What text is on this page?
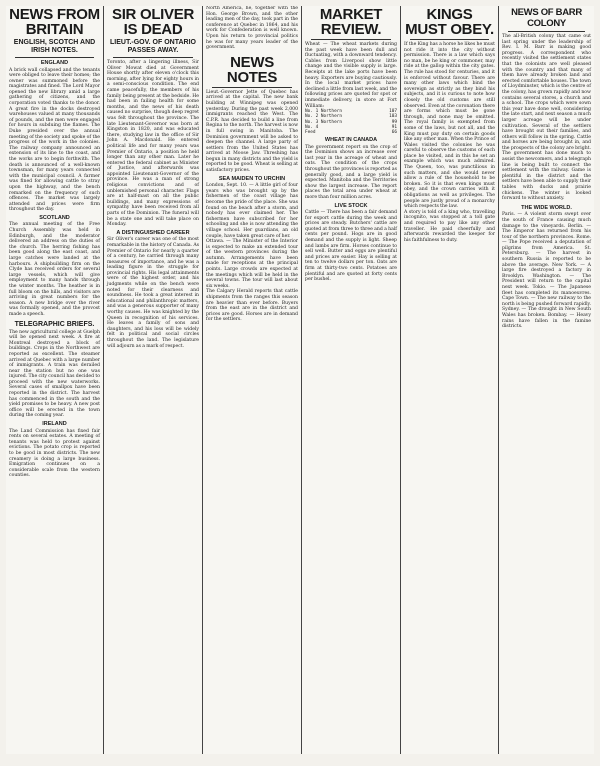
NEWS FROM BRITAIN
ENGLISH, SCOTCH AND IRISH NOTES.
ENGLAND

A brick wall collapsed and the tenants were obliged to leave their homes; the owner was summoned before the magistrates and fined. The Lord Mayor opened the new library amid a large gathering of citizens, and the corporation voted thanks to the donor. A great fire in the docks destroyed warehouses valued at many thousands of pounds, and the men were engaged for hours in subduing the flames. The Duke presided over the annual meeting of the society and spoke of the progress of the work in the colonies. The railway company announced an extension of its line to the coast, and the works are to begin forthwith. The death is announced of a well-known townsman, for many years connected with the municipal council. A farmer was fined for allowing cattle to stray upon the highway, and the bench remarked on the frequency of such offences. The market was largely attended and prices were firm throughout the day.

SCOTLAND

The annual meeting of the Free Church Assembly was held in Edinburgh, and the moderator delivered an address on the duties of the church. The herring fishing has been good along the east coast, and large catches were landed at the harbours. A shipbuilding firm on the Clyde has received orders for several large vessels, which will give employment to many hands through the winter months. The heather is in full bloom on the hills, and visitors are arriving in great numbers for the season. A new bridge over the river was formally opened, and the provost made a speech.

TELEGRAPHIC BRIEFS.

The new agricultural college at Guelph will be opened next week. A fire at Montreal destroyed a block of buildings. Crops in the Northwest are reported as excellent. The steamer arrived at Quebec with a large number of immigrants. A train was derailed near the station but no one was injured. The city council has decided to proceed with the new waterworks. Several cases of smallpox have been reported in the district. The harvest has commenced in the south and the yield promises to be heavy. A new post office will be erected in the town during the coming year.

IRELAND

The Land Commission has fixed fair rents on several estates. A meeting of tenants was held to protest against evictions. The potato crop is reported to be good in most districts. The new creamery is doing a large business. Emigration continues on a considerable scale from the western counties.

SIR OLIVER IS DEAD
LIEUT.-GOV. OF ONTARIO PASSES AWAY.

Toronto, after a lingering illness, Sir Oliver Mowat died at Government House shortly after eleven o'clock this morning, after lying for eighty hours in a semi-conscious condition. The end came peacefully, the members of his family being present at the bedside. He had been in failing health for some months, and the news of his death caused no surprise, though deep regret was felt throughout the province. The late Lieutenant-Governor was born at Kingston in 1820, and was educated there, studying law in the office of Sir John A. Macdonald. He entered political life and for many years was Premier of Ontario, a position he held longer than any other man. Later he entered the federal cabinet as Minister of Justice, and afterwards was appointed Lieutenant-Governor of the province. He was a man of strong religious convictions and of unblemished personal character. Flags are at half-mast on all the public buildings, and many expressions of sympathy have been received from all parts of the Dominion. The funeral will be a state one and will take place on Monday.

A DISTINGUISHED CAREER

Sir Oliver's career was one of the most remarkable in the history of Canada. As Premier of Ontario for nearly a quarter of a century, he carried through many measures of importance, and he was a leading figure in the struggle for provincial rights. His legal attainments were of the highest order, and his judgments while on the bench were noted for their clearness and soundness. He took a great interest in educational and philanthropic matters, and was a generous supporter of many worthy causes. He was knighted by the Queen in recognition of his services. He leaves a family of sons and daughters, and his loss will be widely felt in political and social circles throughout the land. The legislature will adjourn as a mark of respect.

North America, he, together with the Hon. George Brown, and the other leading men of the day, took part in the conference at Quebec in 1864, and his work for Confederation is well known. Upon his return to provincial politics he was for many years leader of the government.

NEWS NOTES

Lieut.-Governor Jette of Quebec has arrived at the capital. The new bank building at Winnipeg was opened yesterday. During the past week 2,000 immigrants reached the West. The C.P.R. has decided to build a line from Regina to the north. The harvest is now in full swing in Manitoba. The Dominion government will be asked to deepen the channel. A large party of settlers from the United States has arrived at Moose Jaw. Threshing has begun in many districts and the yield is reported to be good. Wheat is selling at satisfactory prices.

SEA MAIDEN TO URCHIN

London, Sept. 10. — A little girl of four years who was brought up by the fishermen of the coast village has become the pride of the place. She was found on the beach after a storm, and nobody has ever claimed her. The fishermen have subscribed for her schooling and she is now attending the village school. Her guardians, an old couple, have taken great care of her.

Ottawa. — The Minister of the Interior is expected to make an extended tour of the western provinces during the autumn. Arrangements have been made for receptions at the principal points. Large crowds are expected at the meetings which will be held in the several towns. The tour will last about six weeks.

The Calgary Herald reports that cattle shipments from the ranges this season are heavier than ever before. Buyers from the east are in the district and prices are good. Horses are in demand for the settlers.

MARKET REVIEW.

Wheat — The wheat markets during the past week have been dull and fluctuating, with a downward tendency. Cables from Liverpool show little change and the visible supply is large. Receipts at the lake ports have been heavy. Exporters are buying cautiously. In the local market prices have declined a little from last week, and the following prices are quoted for spot or immediate delivery, in store at Fort William:

No. 1 Northern	107
No. 2 Northern	103
No. 3 Northern	99
No. 4	91
Feed	66
WHEAT IN CANADA

The government report on the crop of the Dominion shows an increase over last year in the acreage of wheat and oats. The condition of the crops throughout the provinces is reported as generally good, and a large yield is expected. Manitoba and the Territories show the largest increase. The report places the total area under wheat at more than four million acres.

LIVE STOCK

Cattle — There has been a fair demand for export cattle during the week and prices are steady. Butchers' cattle are quoted at from three to three and a half cents per pound. Hogs are in good demand and the supply is light. Sheep and lambs are firm. Horses continue to sell well. Butter and eggs are plentiful and prices are easier. Hay is selling at ten to twelve dollars per ton. Oats are firm at thirty-two cents. Potatoes are plentiful and are quoted at forty cents per bushel.

KINGS MUST OBEY.

If the King has a horse he likes he must not ride it into the city without permission. There is a law which says no man, be he king or commoner, may ride at the gallop within the city gates. The rule has stood for centuries, and it is enforced without favour. There are many other laws which bind the sovereign as strictly as they bind his subjects, and it is curious to note how closely the old customs are still observed. Even at the coronation there are forms which must be gone through, and none may be omitted. The royal family is exempted from some of the laws, but not all, and the King must pay duty on certain goods like any other man. When the Prince of Wales visited the colonies he was careful to observe the customs of each place he visited, and in this he set an example which was much admired. The Queen, too, was punctilious in such matters, and she would never allow a rule of the household to be broken. So it is that even kings must obey, and the crown carries with it obligations as well as privileges. The people are justly proud of a monarchy which respects the law.

A story is told of a king who, travelling incognito, was stopped at a toll gate and required to pay like any other traveller. He paid cheerfully and afterwards rewarded the keeper for his faithfulness to duty.

NEWS OF BARR COLONY

The all-British colony that came out last spring under the leadership of Rev. I. M. Barr is making good progress. A correspondent who recently visited the settlement states that the colonists are well pleased with the country and that many of them have already broken land and erected comfortable houses. The town of Lloydminster, which is the centre of the colony, has grown rapidly and now contains several stores, a church and a school. The crops which were sown this year have done well, considering the late start, and next season a much larger acreage will be under cultivation. Several of the settlers have brought out their families, and others will follow in the spring. Cattle and horses are being brought in, and the prospects of the colony are bright. The government has done much to assist the newcomers, and a telegraph line is being built to connect the settlement with the railway. Game is plentiful in the district and the settlers have been able to supply their tables with ducks and prairie chickens. The winter is looked forward to without anxiety.

THE WIDE WORLD.

Paris. — A violent storm swept over the south of France causing much damage to the vineyards. Berlin. — The Emperor has returned from his tour of the northern provinces. Rome. — The Pope received a deputation of pilgrims from America. St. Petersburg. — The harvest in southern Russia is reported to be above the average. New York. — A large fire destroyed a factory in Brooklyn. Washington. — The President will return to the capital next week. Tokio. — The Japanese fleet has completed its manoeuvres. Cape Town. — The new railway to the north is being pushed forward rapidly. Sydney. — The drought in New South Wales has broken. Bombay. — Heavy rains have fallen in the famine districts.
